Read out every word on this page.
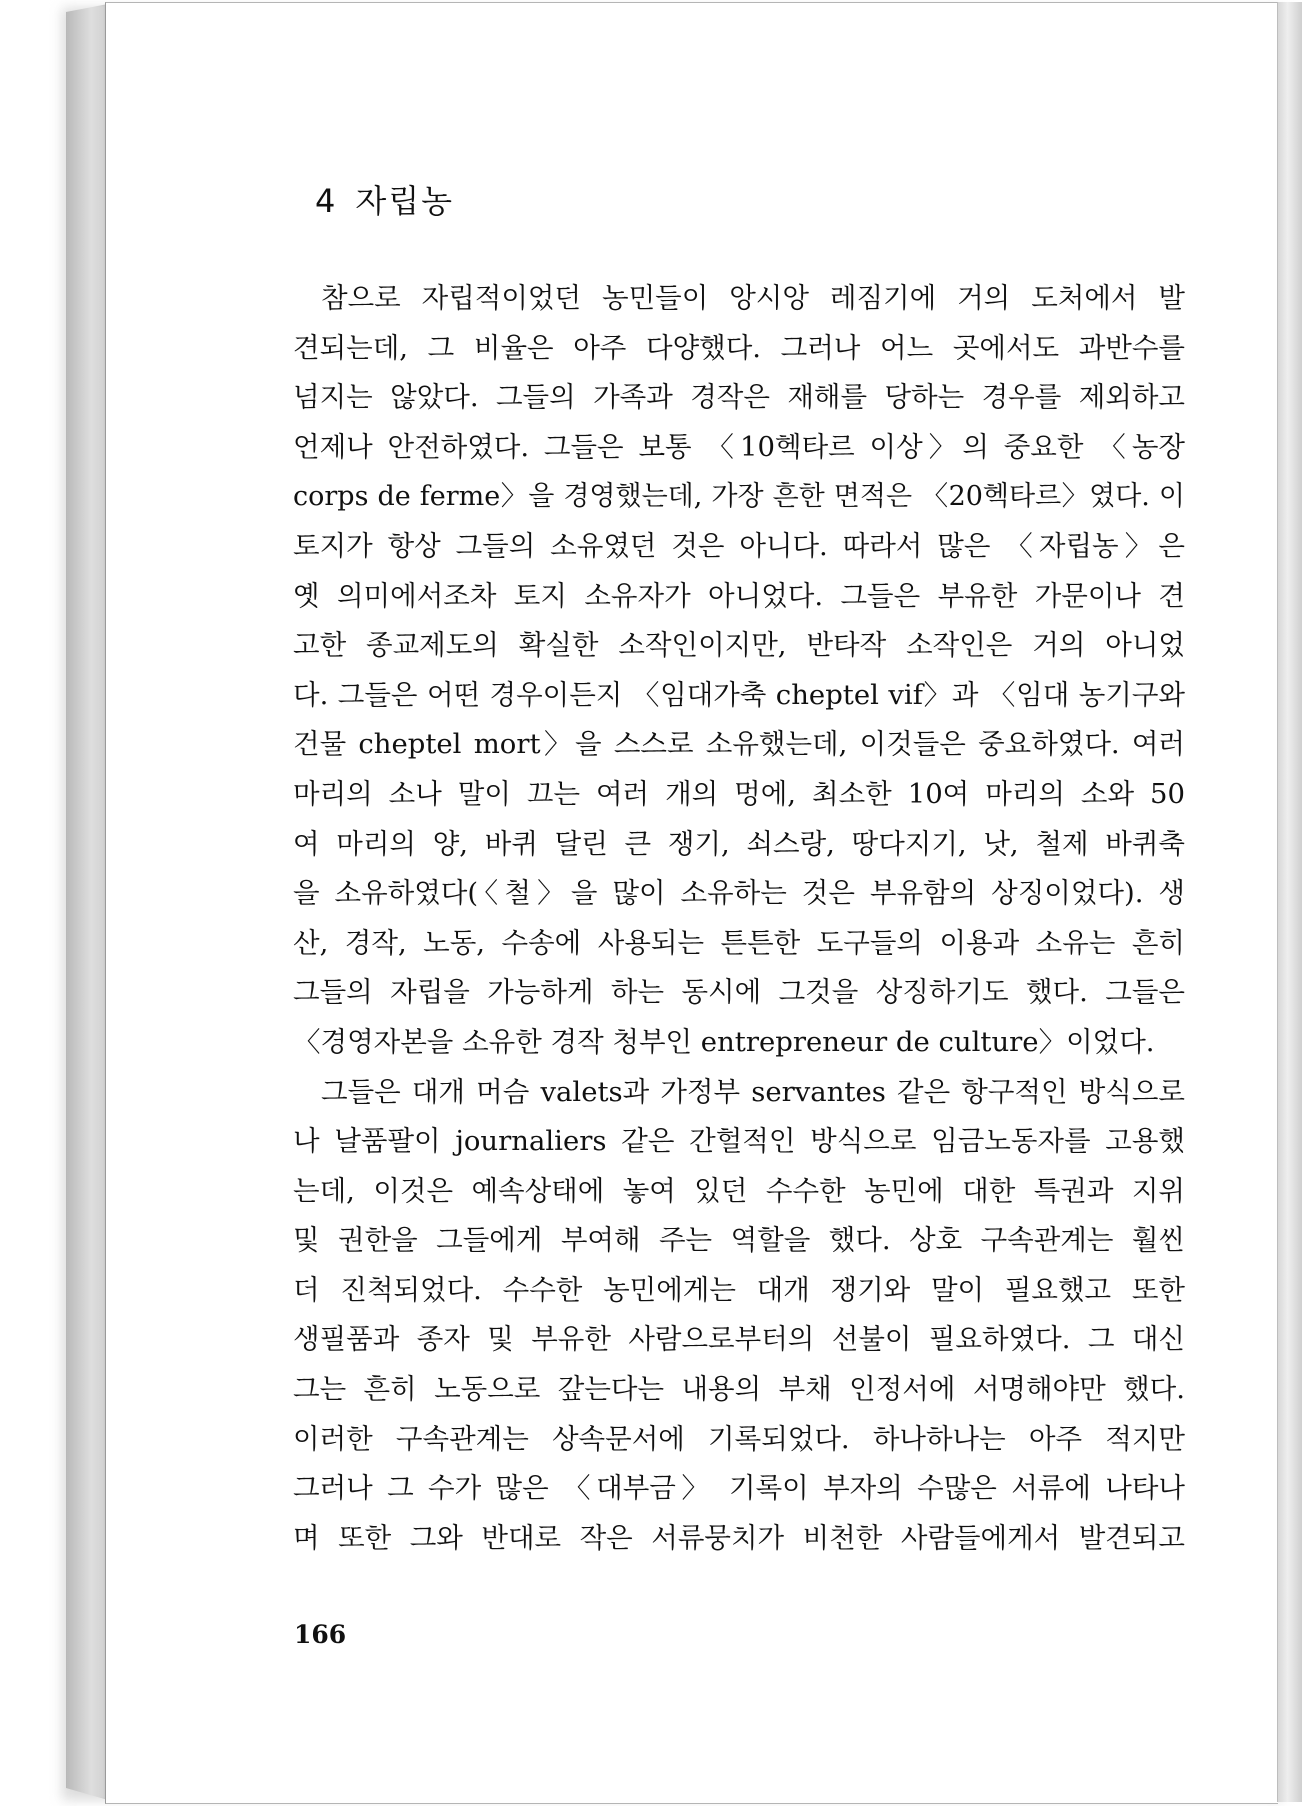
4 자립농
참으로 자립적이었던 농민들이 앙시앙 레짐기에 거의 도처에서 발
견되는데, 그 비율은 아주 다양했다. 그러나 어느 곳에서도 과반수를
넘지는 않았다. 그들의 가족과 경작은 재해를 당하는 경우를 제외하고
언제나 안전하였다. 그들은 보통 〈10헥타르 이상〉의 중요한 〈농장
corps de ferme〉을 경영했는데, 가장 흔한 면적은 〈20헥타르〉였다. 이
토지가 항상 그들의 소유였던 것은 아니다. 따라서 많은 〈자립농〉은
옛 의미에서조차 토지 소유자가 아니었다. 그들은 부유한 가문이나 견
고한 종교제도의 확실한 소작인이지만, 반타작 소작인은 거의 아니었
다. 그들은 어떤 경우이든지 〈임대가축 cheptel vif〉과 〈임대 농기구와
건물 cheptel mort〉을 스스로 소유했는데, 이것들은 중요하였다. 여러
마리의 소나 말이 끄는 여러 개의 멍에, 최소한 10여 마리의 소와 50
여 마리의 양, 바퀴 달린 큰 쟁기, 쇠스랑, 땅다지기, 낫, 철제 바퀴축
을 소유하였다(〈철〉을 많이 소유하는 것은 부유함의 상징이었다). 생
산, 경작, 노동, 수송에 사용되는 튼튼한 도구들의 이용과 소유는 흔히
그들의 자립을 가능하게 하는 동시에 그것을 상징하기도 했다. 그들은
〈경영자본을 소유한 경작 청부인 entrepreneur de culture〉이었다.
그들은 대개 머슴 valets과 가정부 servantes 같은 항구적인 방식으로
나 날품팔이 journaliers 같은 간헐적인 방식으로 임금노동자를 고용했
는데, 이것은 예속상태에 놓여 있던 수수한 농민에 대한 특권과 지위
및 권한을 그들에게 부여해 주는 역할을 했다. 상호 구속관계는 훨씬
더 진척되었다. 수수한 농민에게는 대개 쟁기와 말이 필요했고 또한
생필품과 종자 및 부유한 사람으로부터의 선불이 필요하였다. 그 대신
그는 흔히 노동으로 갚는다는 내용의 부채 인정서에 서명해야만 했다.
이러한 구속관계는 상속문서에 기록되었다. 하나하나는 아주 적지만
그러나 그 수가 많은 〈대부금〉 기록이 부자의 수많은 서류에 나타나
며 또한 그와 반대로 작은 서류뭉치가 비천한 사람들에게서 발견되고
166
